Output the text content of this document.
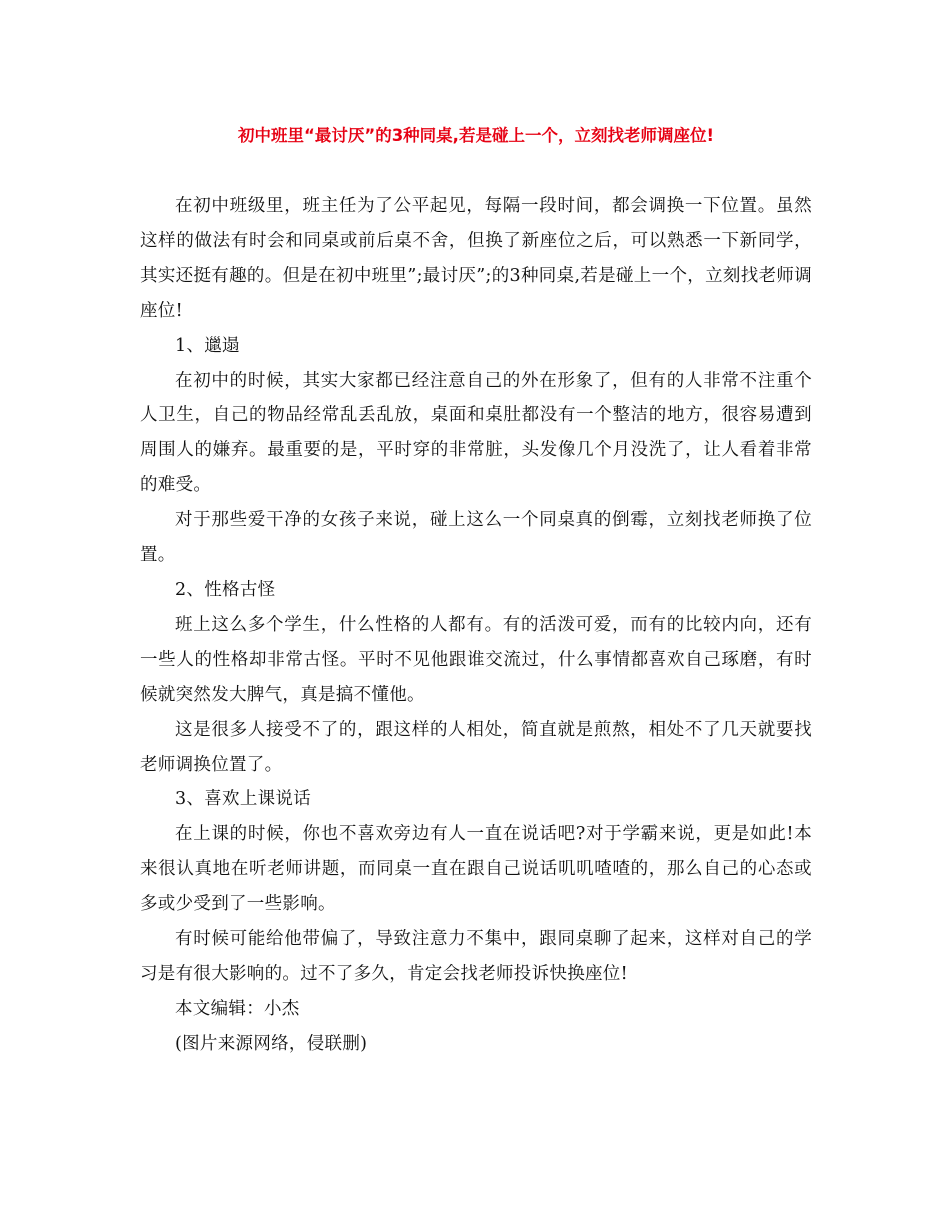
初中班里“最讨厌”的3种同桌,若是碰上一个，立刻找老师调座位!

在初中班级里，班主任为了公平起见，每隔一段时间，都会调换一下位置。虽然这样的做法有时会和同桌或前后桌不舍，但换了新座位之后，可以熟悉一下新同学，其实还挺有趣的。但是在初中班里”;最讨厌”;的3种同桌,若是碰上一个，立刻找老师调座位!

1、邋遢

在初中的时候，其实大家都已经注意自己的外在形象了，但有的人非常不注重个人卫生，自己的物品经常乱丢乱放，桌面和桌肚都没有一个整洁的地方，很容易遭到周围人的嫌弃。最重要的是，平时穿的非常脏，头发像几个月没洗了，让人看着非常的难受。

对于那些爱干净的女孩子来说，碰上这么一个同桌真的倒霉，立刻找老师换了位置。

2、性格古怪

班上这么多个学生，什么性格的人都有。有的活泼可爱，而有的比较内向，还有一些人的性格却非常古怪。平时不见他跟谁交流过，什么事情都喜欢自己琢磨，有时候就突然发大脾气，真是搞不懂他。

这是很多人接受不了的，跟这样的人相处，简直就是煎熬，相处不了几天就要找老师调换位置了。

3、喜欢上课说话

在上课的时候，你也不喜欢旁边有人一直在说话吧?对于学霸来说，更是如此!本来很认真地在听老师讲题，而同桌一直在跟自己说话叽叽喳喳的，那么自己的心态或多或少受到了一些影响。

有时候可能给他带偏了，导致注意力不集中，跟同桌聊了起来，这样对自己的学习是有很大影响的。过不了多久，肯定会找老师投诉快换座位!

本文编辑：小杰

(图片来源网络，侵联删)
